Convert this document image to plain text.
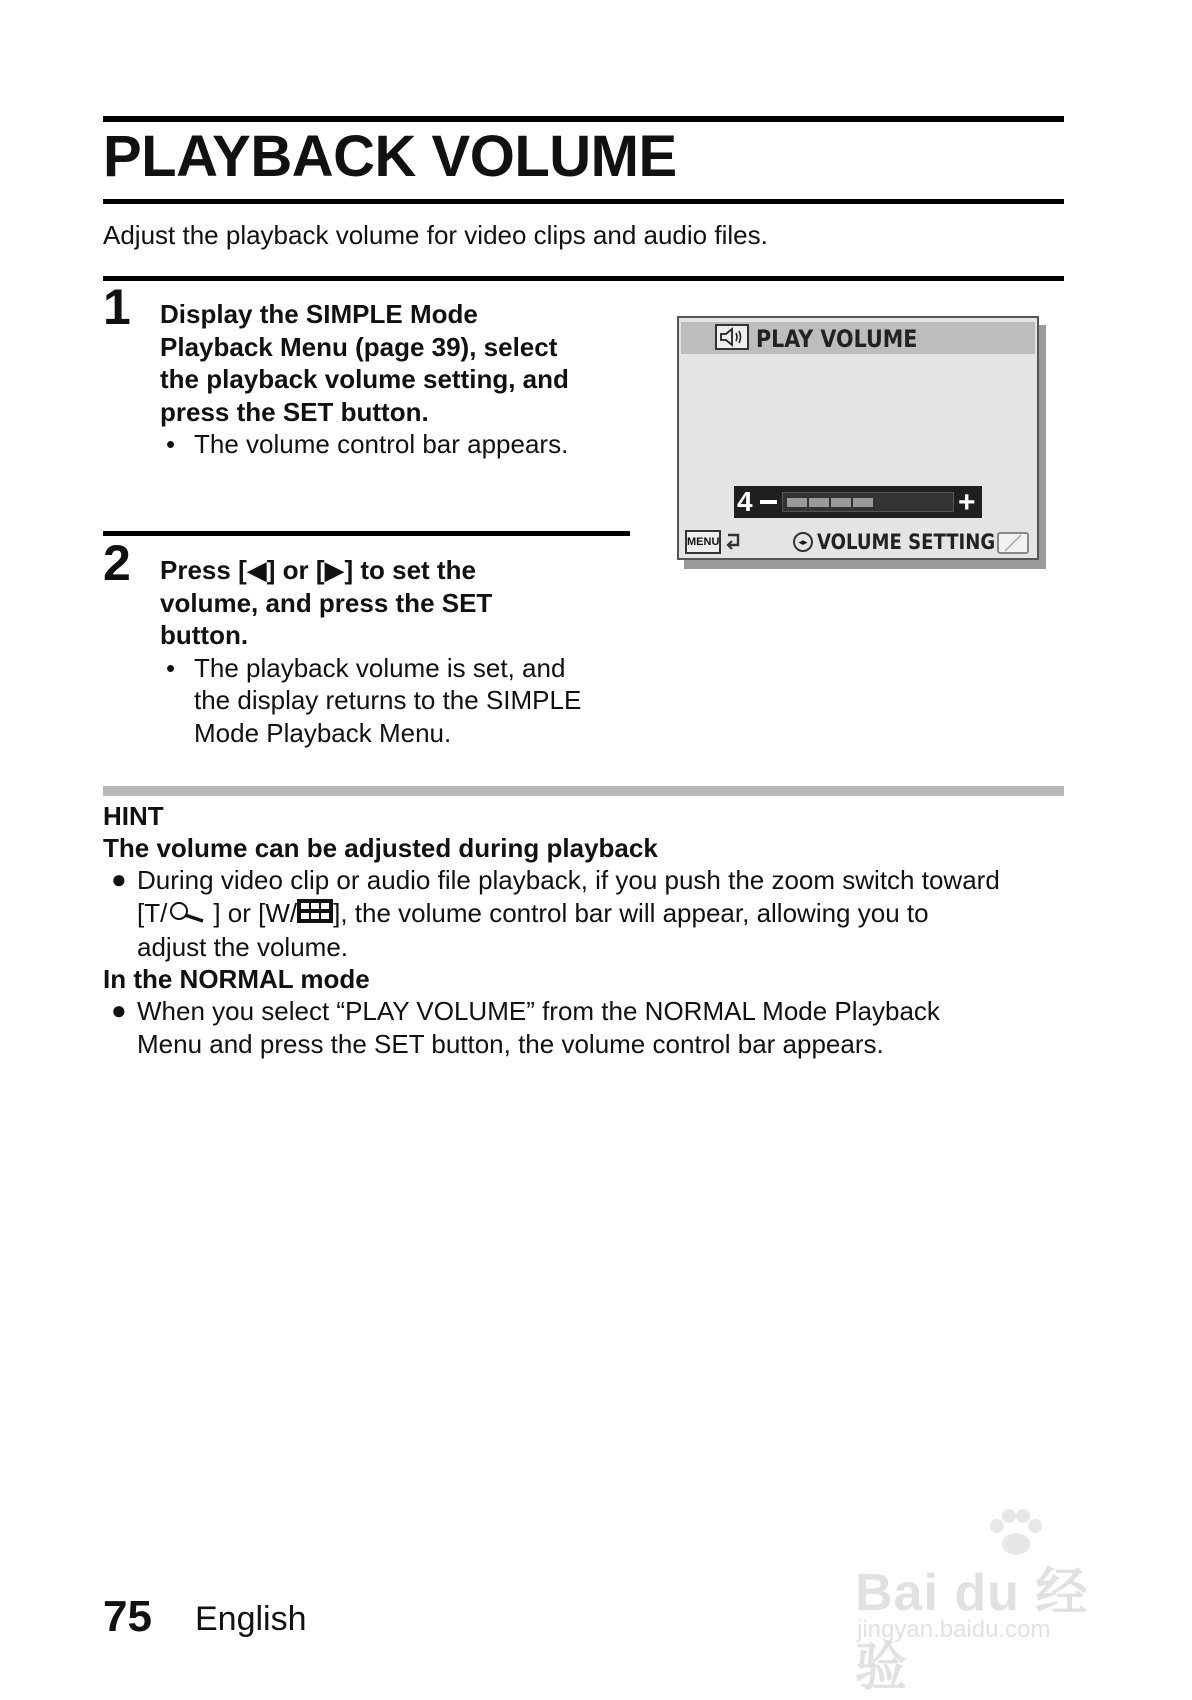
PLAYBACK VOLUME
Adjust the playback volume for video clips and audio files.
1 Display the SIMPLE Mode
Playback Menu (page 39), select
the playback volume setting, and
press the SET button.
• The volume control bar appears.
2 Press [◀] or [▶] to set the
volume, and press the SET
button.
• The playback volume is set, and
the display returns to the SIMPLE
Mode Playback Menu.
PLAY VOLUME
4	+
MENU	◂▸ VOLUME SETTING
HINT
The volume can be adjusted during playback
● During video clip or audio file playback, if you push the zoom switch toward
[T/ ] or [W/ ], the volume control bar will appear, allowing you to
adjust the volume.
In the NORMAL mode
● When you select “PLAY VOLUME” from the NORMAL Mode Playback
Menu and press the SET button, the volume control bar appears.
75 English	Bai du 经验
jingyan.baidu.com
